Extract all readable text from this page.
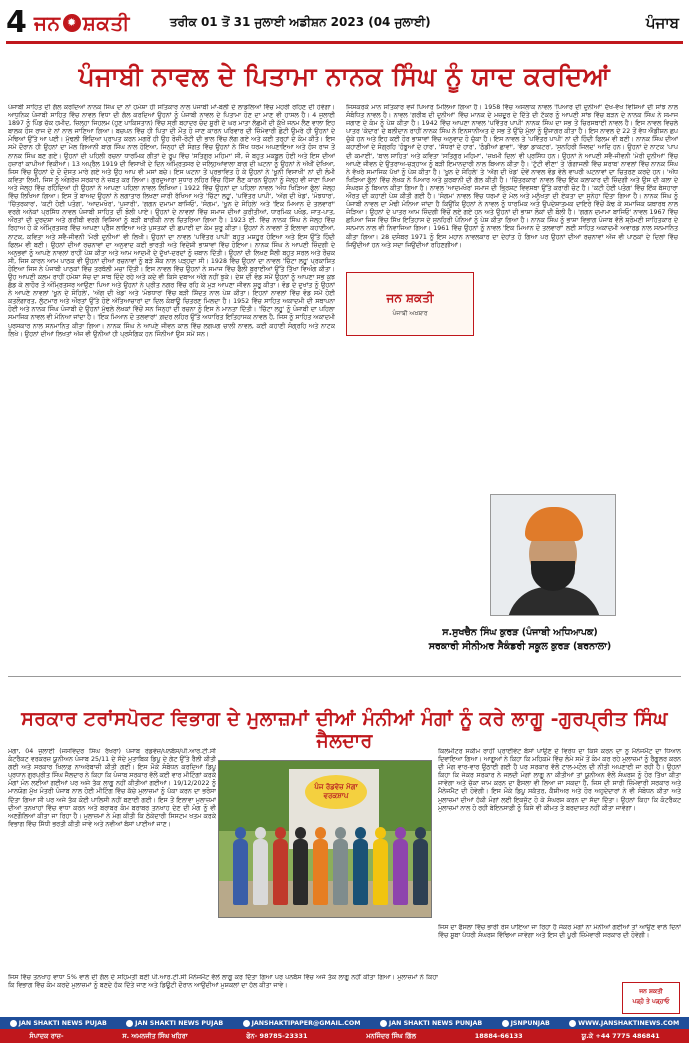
4 ਜਨ ✹ ਸ਼ਕਤੀ	ਤਰੀਕ 01 ਤੋਂ 31 ਜੁਲਾਈ ਅਡੀਸ਼ਨ 2023 (04 ਜੁਲਾਈ)	ਪੰਜਾਬ
ਪੰਜਾਬੀ ਨਾਵਲ ਦੇ ਪਿਤਾਮਾ ਨਾਨਕ ਸਿੰਘ ਨੂੰ ਯਾਦ ਕਰਦਿਆਂ
ਪੰਜਾਬੀ ਸਾਹਿਤ ਦੀ ਗੱਲ ਕਰਦਿਆਂ ਨਾਨਕ ਸਿੰਘ ਦਾ ਨਾਂ ਹਮੇਸ਼ਾ ਹੀ ਸਤਿਕਾਰ ਨਾਲ ਪੰਜਾਬੀ ਮਾਂ-ਬੋਲੀ ਦੇ ਲਾਡਲਿਆਂ ਵਿੱਚ ਮੋਹਰੀ ਰਹਿਣ ਦੀ ਹੋਵੇਗਾ। ਆਧੁਨਿਕ ਪੰਜਾਬੀ ਸਾਹਿਤ ਵਿੱਚ ਨਾਵਲ ਵਿਧਾ ਦੀ ਗੱਲ ਕਰਦਿਆਂ ਉਹਨਾਂ ਨੂੰ ਪੰਜਾਬੀ ਨਾਵਲ ਦੇ ਪਿਤਾਮਾ ਹੋਣ ਦਾ ਮਾਣ ਵੀ ਹਾਸਲ ਹੈ। 4 ਜੁਲਾਈ 1897 ਨੂੰ ਪਿੰਡ ਚੱਕ ਹਮੀਦ, ਜ਼ਿਲ੍ਹਾ ਜਿਹਲਮ (ਹੁਣ ਪਾਕਿਸਤਾਨ) ਵਿੱਚ ਸ੍ਰੀ ਬਹਾਦਰ ਚੰਦ ਸੂਰੀ ਦੇ ਘਰ ਮਾਤਾ ਲੱਛਮੀ ਦੀ ਕੁੱਖੋਂ ਜਨਮ ਲੈਣ ਵਾਲਾ ਇਹ ਬਾਲਕ ਹੰਸ ਰਾਜ ਦੇ ਨਾਂ ਨਾਲ ਜਾਣਿਆ ਗਿਆ। ਬਚਪਨ ਵਿੱਚ ਹੀ ਪਿਤਾ ਦੀ ਮੌਤ ਹੋ ਜਾਣ ਕਾਰਨ ਪਰਿਵਾਰ ਦੀ ਜ਼ਿੰਮੇਵਾਰੀ ਛੋਟੀ ਉਮਰੇ ਹੀ ਉਹਨਾਂ ਦੇ ਮੋਢਿਆਂ ਉੱਤੇ ਆ ਪਈ। ਮੁੱਢਲੀ ਵਿੱਦਿਆ ਪ੍ਰਾਪਤ ਕਰਨ ਮਗਰੋਂ ਹੀ ਉਹ ਰੋਜ਼ੀ-ਰੋਟੀ ਦੀ ਭਾਲ ਵਿੱਚ ਲੱਗ ਗਏ ਅਤੇ ਕਈ ਤਰ੍ਹਾਂ ਦੇ ਕੰਮ ਕੀਤੇ। ਇਸ ਸਮੇਂ ਦੌਰਾਨ ਹੀ ਉਹਨਾਂ ਦਾ ਮੇਲ ਗਿਆਨੀ ਬਾਗ ਸਿੰਘ ਨਾਲ ਹੋਇਆ, ਜਿਨ੍ਹਾਂ ਦੀ ਸੰਗਤ ਵਿੱਚ ਉਹਨਾਂ ਨੇ ਸਿੱਖ ਧਰਮ ਅਪਣਾਇਆ ਅਤੇ ਹੰਸ ਰਾਜ ਤੋਂ ਨਾਨਕ ਸਿੰਘ ਬਣ ਗਏ। ਉਹਨਾਂ ਦੀ ਪਹਿਲੀ ਰਚਨਾ ਧਾਰਮਿਕ ਗੀਤਾਂ ਦੇ ਰੂਪ ਵਿੱਚ 'ਸਤਿਗੁਰ ਮਹਿਮਾ' ਸੀ, ਜੋ ਬਹੁਤ ਮਕਬੂਲ ਹੋਈ ਅਤੇ ਇਸ ਦੀਆਂ ਹਜ਼ਾਰਾਂ ਕਾਪੀਆਂ ਵਿਕੀਆਂ। 13 ਅਪ੍ਰੈਲ 1919 ਦੀ ਵਿਸਾਖੀ ਦੇ ਦਿਨ ਅੰਮ੍ਰਿਤਸਰ ਦੇ ਜਲ੍ਹਿਆਂਵਾਲਾ ਬਾਗ ਦੀ ਘਟਨਾ ਨੂੰ ਉਹਨਾਂ ਨੇ ਅੱਖੀਂ ਦੇਖਿਆ, ਜਿਸ ਵਿੱਚ ਉਹਨਾਂ ਦੇ ਦੋ ਦੋਸਤ ਮਾਰੇ ਗਏ ਅਤੇ ਉਹ ਆਪ ਵੀ ਮਸਾਂ ਬਚੇ। ਇਸ ਘਟਨਾ ਤੋਂ ਪ੍ਰਭਾਵਿਤ ਹੋ ਕੇ ਉਹਨਾਂ ਨੇ 'ਖੂਨੀ ਵਿਸਾਖੀ' ਨਾਂ ਦੀ ਲੰਮੀ ਕਵਿਤਾ ਲਿਖੀ, ਜਿਸ ਨੂੰ ਅੰਗਰੇਜ਼ ਸਰਕਾਰ ਨੇ ਜ਼ਬਤ ਕਰ ਲਿਆ। ਗੁਰਦੁਆਰਾ ਸੁਧਾਰ ਲਹਿਰ ਵਿੱਚ ਹਿੱਸਾ ਲੈਣ ਕਾਰਨ ਉਹਨਾਂ ਨੂੰ ਜੇਲ੍ਹ ਵੀ ਜਾਣਾ ਪਿਆ ਅਤੇ ਜੇਲ੍ਹ ਵਿੱਚ ਰਹਿੰਦਿਆਂ ਹੀ ਉਹਨਾਂ ਨੇ ਆਪਣਾ ਪਹਿਲਾ ਨਾਵਲ ਲਿਖਿਆ। 1922 ਵਿੱਚ ਉਹਨਾਂ ਦਾ ਪਹਿਲਾ ਨਾਵਲ 'ਅੱਧ ਖਿੜਿਆ ਫੁੱਲ' ਜੇਲ੍ਹ ਵਿੱਚ ਲਿਖਿਆ ਗਿਆ। ਇਸ ਤੋਂ ਬਾਅਦ ਉਹਨਾਂ ਨੇ ਲਗਾਤਾਰ ਲਿਖਣਾ ਜਾਰੀ ਰੱਖਿਆ ਅਤੇ 'ਚਿੱਟਾ ਲਹੂ', 'ਪਵਿੱਤਰ ਪਾਪੀ', 'ਅੱਗ ਦੀ ਖੇਡ', 'ਮੰਝਧਾਰ', 'ਚਿੱਤਰਕਾਰ', 'ਕਟੀ ਹੋਈ ਪਤੰਗ', 'ਆਦਮਖੋਰ', 'ਪੁਜਾਰੀ', 'ਗਗਨ ਦਮਾਮਾ ਬਾਜਿਓ', 'ਸੰਗਮ', 'ਖੂਨ ਦੇ ਸੋਹਿਲੇ' ਅਤੇ 'ਇਕ ਮਿਆਨ ਦੋ ਤਲਵਾਰਾਂ' ਵਰਗੇ ਅਨੇਕਾਂ ਪ੍ਰਸਿੱਧ ਨਾਵਲ ਪੰਜਾਬੀ ਸਾਹਿਤ ਦੀ ਝੋਲੀ ਪਾਏ। ਉਹਨਾਂ ਦੇ ਨਾਵਲਾਂ ਵਿੱਚ ਸਮਾਜ ਦੀਆਂ ਕੁਰੀਤੀਆਂ, ਧਾਰਮਿਕ ਪਖੰਡ, ਜਾਤ-ਪਾਤ, ਔਰਤਾਂ ਦੀ ਦੁਰਦਸ਼ਾ ਅਤੇ ਗਰੀਬੀ ਵਰਗੇ ਵਿਸ਼ਿਆਂ ਨੂੰ ਬੜੀ ਬਾਰੀਕੀ ਨਾਲ ਚਿਤਰਿਆ ਗਿਆ ਹੈ। 1923 ਈ. ਵਿੱਚ ਨਾਨਕ ਸਿੰਘ ਨੇ ਜੇਲ੍ਹ ਵਿੱਚ ਰਿਹਾਅ ਹੋ ਕੇ ਅੰਮ੍ਰਿਤਸਰ ਵਿੱਚ ਆਪਣਾ ਪ੍ਰੈੱਸ ਲਾਇਆ ਅਤੇ ਪੁਸਤਕਾਂ ਦੀ ਛਪਾਈ ਦਾ ਕੰਮ ਸ਼ੁਰੂ ਕੀਤਾ। ਉਹਨਾਂ ਨੇ ਨਾਵਲਾਂ ਤੋਂ ਇਲਾਵਾ ਕਹਾਣੀਆਂ, ਨਾਟਕ, ਕਵਿਤਾ ਅਤੇ ਸਵੈ-ਜੀਵਨੀ 'ਮੇਰੀ ਦੁਨੀਆਂ' ਵੀ ਲਿਖੀ। ਉਹਨਾਂ ਦਾ ਨਾਵਲ 'ਪਵਿੱਤਰ ਪਾਪੀ' ਬਹੁਤ ਮਸ਼ਹੂਰ ਹੋਇਆ ਅਤੇ ਇਸ ਉੱਤੇ ਹਿੰਦੀ ਫਿਲਮ ਵੀ ਬਣੀ। ਉਹਨਾਂ ਦੀਆਂ ਰਚਨਾਵਾਂ ਦਾ ਅਨੁਵਾਦ ਕਈ ਭਾਰਤੀ ਅਤੇ ਵਿਦੇਸ਼ੀ ਭਾਸ਼ਾਵਾਂ ਵਿੱਚ ਹੋਇਆ। ਨਾਨਕ ਸਿੰਘ ਨੇ ਆਪਣੀ ਜ਼ਿੰਦਗੀ ਦੇ ਅਨੁਭਵਾਂ ਨੂੰ ਆਪਣੇ ਨਾਵਲਾਂ ਰਾਹੀਂ ਪੇਸ਼ ਕੀਤਾ ਅਤੇ ਆਮ ਆਦਮੀ ਦੇ ਦੁੱਖਾਂ-ਦਰਦਾਂ ਨੂੰ ਜ਼ਬਾਨ ਦਿੱਤੀ। ਉਹਨਾਂ ਦੀ ਲਿਖਣ ਸ਼ੈਲੀ ਬਹੁਤ ਸਰਲ ਅਤੇ ਰੌਚਕ ਸੀ, ਜਿਸ ਕਾਰਨ ਆਮ ਪਾਠਕ ਵੀ ਉਹਨਾਂ ਦੀਆਂ ਰਚਨਾਵਾਂ ਨੂੰ ਬੜੇ ਸ਼ੌਕ ਨਾਲ ਪੜ੍ਹਦਾ ਸੀ। 1928 ਵਿੱਚ ਉਹਨਾਂ ਦਾ ਨਾਵਲ 'ਚਿੱਟਾ ਲਹੂ' ਪ੍ਰਕਾਸ਼ਿਤ ਹੋਇਆ ਜਿਸ ਨੇ ਪੰਜਾਬੀ ਪਾਠਕਾਂ ਵਿੱਚ ਤਰਥੱਲੀ ਮਚਾ ਦਿੱਤੀ। ਇਸ ਨਾਵਲ ਵਿੱਚ ਉਹਨਾਂ ਨੇ ਸਮਾਜ ਵਿੱਚ ਫੈਲੀ ਬੁਰਾਈਆਂ ਉੱਤੇ ਤਿੱਖਾ ਵਿਅੰਗ ਕੀਤਾ। ਉਹ ਆਪਣੀ ਕਲਮ ਰਾਹੀਂ ਹਮੇਸ਼ਾ ਸੱਚ ਦਾ ਸਾਥ ਦਿੰਦੇ ਰਹੇ ਅਤੇ ਕਦੇ ਵੀ ਕਿਸੇ ਦਬਾਅ ਅੱਗੇ ਨਹੀਂ ਝੁਕੇ। ਦੇਸ਼ ਦੀ ਵੰਡ ਸਮੇਂ ਉਹਨਾਂ ਨੂੰ ਆਪਣਾ ਸਭ ਕੁਝ ਛੱਡ ਕੇ ਲਾਹੌਰ ਤੋਂ ਅੰਮ੍ਰਿਤਸਰ ਆਉਣਾ ਪਿਆ ਅਤੇ ਉਹਨਾਂ ਨੇ ਪ੍ਰੀਤ ਨਗਰ ਵਿੱਚ ਰਹਿ ਕੇ ਮੁੜ ਆਪਣਾ ਜੀਵਨ ਸ਼ੁਰੂ ਕੀਤਾ। ਵੰਡ ਦੇ ਦੁਖਾਂਤ ਨੂੰ ਉਹਨਾਂ ਨੇ ਆਪਣੇ ਨਾਵਲਾਂ 'ਖੂਨ ਦੇ ਸੋਹਿਲੇ', 'ਅੱਗ ਦੀ ਖੇਡ' ਅਤੇ 'ਮੰਝਧਾਰ' ਵਿੱਚ ਬੜੀ ਸ਼ਿੱਦਤ ਨਾਲ ਪੇਸ਼ ਕੀਤਾ। ਇਹਨਾਂ ਨਾਵਲਾਂ ਵਿੱਚ ਵੰਡ ਸਮੇਂ ਹੋਈ ਕਤਲੋਗਾਰਤ, ਲੁੱਟਮਾਰ ਅਤੇ ਔਰਤਾਂ ਉੱਤੇ ਹੋਏ ਅੱਤਿਆਚਾਰਾਂ ਦਾ ਦਿਲ ਕੰਬਾਊ ਚਿਤਰਣ ਮਿਲਦਾ ਹੈ। 1952 ਵਿੱਚ ਸਾਹਿਤ ਅਕਾਦਮੀ ਦੀ ਸਥਾਪਨਾ ਹੋਈ ਅਤੇ ਨਾਨਕ ਸਿੰਘ ਪੰਜਾਬੀ ਦੇ ਉਹਨਾਂ ਮੁੱਢਲੇ ਲੇਖਕਾਂ ਵਿੱਚੋਂ ਸਨ ਜਿਨ੍ਹਾਂ ਦੀ ਰਚਨਾ ਨੂੰ ਇਸ ਨੇ ਮਾਨਤਾ ਦਿੱਤੀ। 'ਚਿੱਟਾ ਲਹੂ' ਨੂੰ ਪੰਜਾਬੀ ਦਾ ਪਹਿਲਾ ਸਮਾਜਿਕ ਨਾਵਲ ਵੀ ਮੰਨਿਆ ਜਾਂਦਾ ਹੈ। 'ਇਕ ਮਿਆਨ ਦੋ ਤਲਵਾਰਾਂ' ਗ਼ਦਰ ਲਹਿਰ ਉੱਤੇ ਅਧਾਰਿਤ ਇਤਿਹਾਸਕ ਨਾਵਲ ਹੈ, ਜਿਸ ਨੂੰ ਸਾਹਿਤ ਅਕਾਦਮੀ ਪੁਰਸਕਾਰ ਨਾਲ ਸਨਮਾਨਿਤ ਕੀਤਾ ਗਿਆ। ਨਾਨਕ ਸਿੰਘ ਨੇ ਆਪਣੇ ਜੀਵਨ ਕਾਲ ਵਿੱਚ ਲਗਪਗ ਚਾਲੀ ਨਾਵਲ, ਕਈ ਕਹਾਣੀ ਸੰਗ੍ਰਹਿ ਅਤੇ ਨਾਟਕ ਲਿਖੇ। ਉਹਨਾਂ ਦੀਆਂ ਲਿਖਤਾਂ ਅੱਜ ਵੀ ਉਨੀਆਂ ਹੀ ਪ੍ਰਸੰਗਿਕ ਹਨ ਜਿੰਨੀਆਂ ਉਸ ਸਮੇਂ ਸਨ।
ਜਿਸਕਰਕੇ ਮਾਨ ਸਤਿਕਾਰ ਵਜੋਂ ਪਿਆਰ ਮਿਲਿਆ ਗਿਆ ਹੈ। 1958 ਵਿੱਚ ਅਸਲਾਕ ਨਾਵਲ 'ਪਿਆਰ ਦੀ ਦੁਨੀਆਂ' ਦੱਖ-ਵੱਖ ਵਿਸ਼ਿਆਂ ਦੀ ਸਾਂਝ ਨਾਲ ਸੰਬੰਧਿਤ ਨਾਵਲ ਹੈ। ਨਾਵਲ 'ਗਰੀਬ ਦੀ ਦੁਨੀਆਂ' ਵਿੱਚ ਮਾਨਕ ਦੇ ਮਜ਼ਦੂਰ ਦੇ ਦਿੱਤੇ ਦੀ ਟੱਕਰ ਨੂੰ ਆਪਣੀ ਸਾਂਝ ਵਿੱਚ ਬੜਨ ਦੇ ਨਾਨਕ ਸਿੰਘ ਨੇ ਸਮਾਜ ਜਗਾਣ ਦੇ ਕੰਮ ਨੂੰ ਪੇਸ਼ ਕੀਤਾ ਹੈ। 1942 ਵਿੱਚ ਆਪਣਾ ਨਾਵਲ 'ਪਵਿੱਤਰ ਪਾਪੀ' ਨਾਨਕ ਸਿੰਘ ਦਾ ਸਭ ਤੋਂ ਚਿਰਸਥਾਈ ਨਾਵਲ ਹੈ। ਇਸ ਨਾਵਲ ਵਿਚਲੇ ਪਾਤਰ 'ਕੇਦਾਰ' ਦੇ ਬਲੀਦਾਨ ਰਾਹੀਂ ਨਾਨਕ ਸਿੰਘ ਨੇ ਇਨਸਾਨੀਅਤ ਦੇ ਸਭ ਤੋਂ ਉੱਚੇ ਮੁੱਲਾਂ ਨੂੰ ਉਜਾਗਰ ਕੀਤਾ ਹੈ। ਇਸ ਨਾਵਲ ਦੇ 22 ਤੋਂ ਵੱਧ ਐਡੀਸ਼ਨ ਛਪ ਚੁੱਕੇ ਹਨ ਅਤੇ ਇਹ ਕਈ ਹੋਰ ਭਾਸ਼ਾਵਾਂ ਵਿੱਚ ਅਨੁਵਾਦ ਹੋ ਚੁੱਕਾ ਹੈ। ਇਸ ਨਾਵਲ ਤੇ 'ਪਵਿੱਤਰ ਪਾਪੀ' ਨਾਂ ਦੀ ਹਿੰਦੀ ਫਿਲਮ ਵੀ ਬਣੀ। ਨਾਨਕ ਸਿੰਘ ਦੀਆਂ ਕਹਾਣੀਆਂ ਦੇ ਸੰਗ੍ਰਹਿ 'ਹੰਝੂਆਂ ਦੇ ਹਾਰ', 'ਸੱਧਰਾਂ ਦੇ ਹਾਰ', 'ਠੰਡੀਆਂ ਛਾਵਾਂ', 'ਵੱਡਾ ਡਾਕਟਰ', 'ਸੁਨਹਿਰੀ ਜਿਲਦ' ਆਦਿ ਹਨ। ਉਹਨਾਂ ਦੇ ਨਾਟਕ 'ਪਾਪ ਦੀ ਕਮਾਈ', 'ਬਾਲ ਸਾਹਿਤ' ਅਤੇ ਕਵਿਤਾ 'ਸਤਿਗੁਰ ਮਹਿਮਾ', 'ਜ਼ਖ਼ਮੀ ਦਿਲ' ਵੀ ਪ੍ਰਸਿੱਧ ਹਨ। ਉਹਨਾਂ ਨੇ ਆਪਣੀ ਸਵੈ-ਜੀਵਨੀ 'ਮੇਰੀ ਦੁਨੀਆਂ' ਵਿੱਚ ਆਪਣੇ ਜੀਵਨ ਦੇ ਉਤਰਾਅ-ਚੜ੍ਹਾਅ ਨੂੰ ਬੜੀ ਇਮਾਨਦਾਰੀ ਨਾਲ ਬਿਆਨ ਕੀਤਾ ਹੈ। 'ਟੁੱਟੀ ਵੀਣਾ' ਤੇ 'ਗੰਗਾਜਲੀ ਵਿੱਚ ਸ਼ਰਾਬ' ਨਾਵਲਾਂ ਵਿੱਚ ਨਾਨਕ ਸਿੰਘ ਨੇ ਵੱਖਰੇ ਸਮਾਜਿਕ ਪੱਖਾਂ ਨੂੰ ਪੇਸ਼ ਕੀਤਾ ਹੈ। 'ਖੂਨ ਦੇ ਸੋਹਿਲੇ' ਤੇ 'ਅੱਗ ਦੀ ਖੇਡ' ਦੋਵੇਂ ਨਾਵਲ ਵੰਡ ਵੇਲੇ ਵਾਪਰੀ ਘਟਨਾਵਾਂ ਦਾ ਚਿਤਰਣ ਕਰਦੇ ਹਨ। 'ਅੱਧ ਖਿੜਿਆ ਫੁੱਲ' ਵਿੱਚ ਲੇਖਕ ਨੇ ਪਿਆਰ ਅਤੇ ਕੁਰਬਾਨੀ ਦੀ ਗੱਲ ਕੀਤੀ ਹੈ। 'ਚਿੱਤਰਕਾਰ' ਨਾਵਲ ਵਿੱਚ ਇੱਕ ਕਲਾਕਾਰ ਦੀ ਜ਼ਿੰਦਗੀ ਅਤੇ ਉਸ ਦੀ ਕਲਾ ਦੇ ਸੰਘਰਸ਼ ਨੂੰ ਬਿਆਨ ਕੀਤਾ ਗਿਆ ਹੈ। ਨਾਵਲ 'ਆਦਮਖੋਰ' ਸਮਾਜ ਦੀ ਭ੍ਰਿਸ਼ਟ ਵਿਵਸਥਾ ਉੱਤੇ ਕਰਾਰੀ ਚੋਟ ਹੈ। 'ਕਟੀ ਹੋਈ ਪਤੰਗ' ਵਿੱਚ ਇੱਕ ਬੇਸਹਾਰਾ ਔਰਤ ਦੀ ਕਹਾਣੀ ਪੇਸ਼ ਕੀਤੀ ਗਈ ਹੈ। 'ਸੰਗਮ' ਨਾਵਲ ਵਿੱਚ ਧਰਮਾਂ ਦੇ ਮੇਲ ਅਤੇ ਮਨੁੱਖਤਾ ਦੀ ਏਕਤਾ ਦਾ ਸੁਨੇਹਾ ਦਿੱਤਾ ਗਿਆ ਹੈ। ਨਾਨਕ ਸਿੰਘ ਨੂੰ ਪੰਜਾਬੀ ਨਾਵਲ ਦਾ ਮੋਢੀ ਮੰਨਿਆ ਜਾਂਦਾ ਹੈ ਕਿਉਂਕਿ ਉਹਨਾਂ ਨੇ ਨਾਵਲ ਨੂੰ ਧਾਰਮਿਕ ਅਤੇ ਉਪਦੇਸ਼ਾਤਮਕ ਦਾਇਰੇ ਵਿੱਚੋਂ ਕੱਢ ਕੇ ਸਮਾਜਿਕ ਯਥਾਰਥ ਨਾਲ ਜੋੜਿਆ। ਉਹਨਾਂ ਦੇ ਪਾਤਰ ਆਮ ਜ਼ਿੰਦਗੀ ਵਿੱਚੋਂ ਲਏ ਗਏ ਹਨ ਅਤੇ ਉਹਨਾਂ ਦੀ ਭਾਸ਼ਾ ਲੋਕਾਂ ਦੀ ਬੋਲੀ ਹੈ। 'ਗਗਨ ਦਮਾਮਾ ਬਾਜਿਓ' ਨਾਵਲ 1967 ਵਿੱਚ ਛਪਿਆ ਜਿਸ ਵਿੱਚ ਸਿੱਖ ਇਤਿਹਾਸ ਦੇ ਸੁਨਹਿਰੀ ਪੰਨਿਆਂ ਨੂੰ ਪੇਸ਼ ਕੀਤਾ ਗਿਆ ਹੈ। ਨਾਨਕ ਸਿੰਘ ਨੂੰ ਭਾਸ਼ਾ ਵਿਭਾਗ ਪੰਜਾਬ ਵੱਲੋਂ ਸ਼੍ਰੋਮਣੀ ਸਾਹਿਤਕਾਰ ਦੇ ਸਨਮਾਨ ਨਾਲ ਵੀ ਨਿਵਾਜਿਆ ਗਿਆ। 1961 ਵਿੱਚ ਉਹਨਾਂ ਨੂੰ ਨਾਵਲ 'ਇਕ ਮਿਆਨ ਦੋ ਤਲਵਾਰਾਂ' ਲਈ ਸਾਹਿਤ ਅਕਾਦਮੀ ਅਵਾਰਡ ਨਾਲ ਸਨਮਾਨਿਤ ਕੀਤਾ ਗਿਆ। 28 ਦਸੰਬਰ 1971 ਨੂੰ ਇਸ ਮਹਾਨ ਨਾਵਲਕਾਰ ਦਾ ਦੇਹਾਂਤ ਹੋ ਗਿਆ ਪਰ ਉਹਨਾਂ ਦੀਆਂ ਰਚਨਾਵਾਂ ਅੱਜ ਵੀ ਪਾਠਕਾਂ ਦੇ ਦਿਲਾਂ ਵਿੱਚ ਜਿਉਂਦੀਆਂ ਹਨ ਅਤੇ ਸਦਾ ਜਿਉਂਦੀਆਂ ਰਹਿਣਗੀਆਂ।
ਜਨ ਸ਼ਕਤੀ
ਪੰਜਾਬੀ ਅਖ਼ਬਾਰ
ਸ.ਸੁਖਚੈਨ ਸਿੰਘ ਕੁਰੜ (ਪੰਜਾਬੀ ਅਧਿਆਪਕ)
ਸਰਕਾਰੀ ਸੀਨੀਅਰ ਸੈਕੰਡਰੀ ਸਕੂਲ ਕੁਰੜ (ਬਰਨਾਲਾ)
ਸਰਕਾਰ ਟਰਾਂਸਪੋਰਟ ਵਿਭਾਗ ਦੇ ਮੁਲਾਜ਼ਮਾਂ ਦੀਆਂ ਮੰਨੀਆਂ ਮੰਗਾਂ ਨੂੰ ਕਰੇ ਲਾਗੂ -ਗੁਰਪ੍ਰੀਤ ਸਿੰਘ ਜੈਲਦਾਰ
ਮੋਗਾ, 04 ਜੁਲਾਈ (ਜਸਵਿੰਦਰ ਸਿੰਘ ਰੱਖਰਾ) ਪੰਜਾਬ ਰੋਡਵੇਜ਼/ਪਨਬੱਸ/ਪੀ.ਆਰ.ਟੀ.ਸੀ ਕੰਟਰੈਕਟ ਵਰਕਰਜ਼ ਯੂਨੀਅਨ ਪੰਜਾਬ 25/11 ਦੇ ਸੱਦੇ ਮੁਤਾਬਿਕ ਡਿਪੂ ਦੇ ਗੇਟ ਉੱਤੇ ਰੈਲੀ ਕੀਤੀ ਗਈ ਅਤੇ ਸਰਕਾਰ ਖਿਲਾਫ਼ ਨਾਅਰੇਬਾਜ਼ੀ ਕੀਤੀ ਗਈ। ਇਸ ਮੌਕੇ ਸੰਬੋਧਨ ਕਰਦਿਆਂ ਡਿਪੂ ਪ੍ਰਧਾਨ ਗੁਰਪ੍ਰੀਤ ਸਿੰਘ ਜੈਲਦਾਰ ਨੇ ਕਿਹਾ ਕਿ ਪੰਜਾਬ ਸਰਕਾਰ ਵੱਲੋਂ ਕਈ ਵਾਰ ਮੀਟਿੰਗਾਂ ਕਰਕੇ ਮੰਗਾਂ ਮੰਨ ਲਈਆਂ ਗਈਆਂ ਪਰ ਅਜੇ ਤੱਕ ਲਾਗੂ ਨਹੀਂ ਕੀਤੀਆਂ ਗਈਆਂ। 19/12/2022 ਨੂੰ ਮਾਨਯੋਗ ਮੁੱਖ ਮੰਤਰੀ ਪੰਜਾਬ ਨਾਲ ਹੋਈ ਮੀਟਿੰਗ ਵਿੱਚ ਕੱਚੇ ਮੁਲਾਜ਼ਮਾਂ ਨੂੰ ਪੱਕਾ ਕਰਨ ਦਾ ਭਰੋਸਾ ਦਿੱਤਾ ਗਿਆ ਸੀ ਪਰ ਅਜੇ ਤੱਕ ਕੋਈ ਪਾਲਿਸੀ ਨਹੀਂ ਬਣਾਈ ਗਈ। ਇਸ ਤੋਂ ਇਲਾਵਾ ਮੁਲਾਜ਼ਮਾਂ ਦੀਆਂ ਤਨਖਾਹਾਂ ਵਿੱਚ ਵਾਧਾ ਕਰਨ ਅਤੇ ਬਰਾਬਰ ਕੰਮ ਬਰਾਬਰ ਤਨਖਾਹ ਦੇਣ ਦੀ ਮੰਗ ਨੂੰ ਵੀ ਅਣਗੌਲਿਆਂ ਕੀਤਾ ਜਾ ਰਿਹਾ ਹੈ। ਮੁਲਾਜ਼ਮਾਂ ਨੇ ਮੰਗ ਕੀਤੀ ਕਿ ਠੇਕੇਦਾਰੀ ਸਿਸਟਮ ਖਤਮ ਕਰਕੇ ਵਿਭਾਗ ਵਿੱਚ ਸਿੱਧੀ ਭਰਤੀ ਕੀਤੀ ਜਾਵੇ ਅਤੇ ਨਵੀਆਂ ਬੱਸਾਂ ਪਾਈਆਂ ਜਾਣ।
ਪੰਜ ਰੋਡਵੇਜ਼ ਮੋਗਾ
ਵਰਕਸ਼ਾਪ
ਕਿਲੋਮੀਟਰ ਸਕੀਮ ਰਾਹੀਂ ਪ੍ਰਾਈਵੇਟ ਬੱਸਾਂ ਪਾਉਣ ਦੇ ਵਿਰੋਧ ਦਾ ਕਿਸੇ ਕਰਨ ਦਾ ਨੂੰ ਮੈਨੇਜਮੈਂਟ ਦਾ ਧਿਆਨ ਦਿਵਾਇਆ ਗਿਆ। ਆਗੂਆਂ ਨੇ ਕਿਹਾ ਕਿ ਮਹਿਕਮੇ ਵਿੱਚ ਲੰਮੇ ਸਮੇਂ ਤੋਂ ਕੰਮ ਕਰ ਰਹੇ ਮੁਲਾਜ਼ਮਾਂ ਨੂੰ ਰੈਗੂਲਰ ਕਰਨ ਦੀ ਮੰਗ ਵਾਰ-ਵਾਰ ਉਠਾਈ ਗਈ ਹੈ ਪਰ ਸਰਕਾਰ ਵੱਲੋਂ ਟਾਲ-ਮਟੋਲ ਦੀ ਨੀਤੀ ਅਪਣਾਈ ਜਾ ਰਹੀ ਹੈ। ਉਹਨਾਂ ਕਿਹਾ ਕਿ ਜੇਕਰ ਸਰਕਾਰ ਨੇ ਜਲਦੀ ਮੰਗਾਂ ਲਾਗੂ ਨਾ ਕੀਤੀਆਂ ਤਾਂ ਯੂਨੀਅਨ ਵੱਲੋਂ ਸੰਘਰਸ਼ ਨੂੰ ਹੋਰ ਤਿੱਖਾ ਕੀਤਾ ਜਾਵੇਗਾ ਅਤੇ ਚੱਕਾ ਜਾਮ ਕਰਨ ਦਾ ਫੈਸਲਾ ਵੀ ਲਿਆ ਜਾ ਸਕਦਾ ਹੈ, ਜਿਸ ਦੀ ਸਾਰੀ ਜ਼ਿੰਮੇਵਾਰੀ ਸਰਕਾਰ ਅਤੇ ਮੈਨੇਜਮੈਂਟ ਦੀ ਹੋਵੇਗੀ। ਇਸ ਮੌਕੇ ਡਿਪੂ ਸਕੱਤਰ, ਕੈਸ਼ੀਅਰ ਅਤੇ ਹੋਰ ਅਹੁਦੇਦਾਰਾਂ ਨੇ ਵੀ ਸੰਬੋਧਨ ਕੀਤਾ ਅਤੇ ਮੁਲਾਜ਼ਮਾਂ ਦੀਆਂ ਹੱਕੀ ਮੰਗਾਂ ਲਈ ਇਕਜੁੱਟ ਹੋ ਕੇ ਸੰਘਰਸ਼ ਕਰਨ ਦਾ ਸੱਦਾ ਦਿੱਤਾ। ਉਹਨਾਂ ਕਿਹਾ ਕਿ ਕੰਟਰੈਕਟ ਮੁਲਾਜ਼ਮਾਂ ਨਾਲ ਹੋ ਰਹੀ ਬੇਇਨਸਾਫ਼ੀ ਨੂੰ ਕਿਸੇ ਵੀ ਕੀਮਤ ਤੇ ਬਰਦਾਸ਼ਤ ਨਹੀਂ ਕੀਤਾ ਜਾਵੇਗਾ।
ਜਿਸ ਦਾ ਫੈਸਲਾ ਵਿੱਚ ਭਾਰੀ ਰੋਸ ਪਾਇਆ ਜਾ ਰਿਹਾ ਹੈ ਜੇਕਰ ਮੰਗਾਂ ਨਾ ਮੰਨੀਆਂ ਗਈਆਂ ਤਾਂ ਆਉਣ ਵਾਲੇ ਦਿਨਾਂ ਵਿੱਚ ਸੂਬਾ ਪੱਧਰੀ ਸੰਘਰਸ਼ ਵਿੱਢਿਆ ਜਾਵੇਗਾ ਅਤੇ ਇਸ ਦੀ ਪੂਰੀ ਜ਼ਿੰਮੇਵਾਰੀ ਸਰਕਾਰ ਦੀ ਹੋਵੇਗੀ।
ਜਿਸ ਵਿੱਚ ਤਨਖਾਹ ਵਾਧਾ 5% ਵਾਲੇ ਦੀ ਗੱਲ ਦੇ ਸਹਿਮਤੀ ਬਣੀ ਪੀ.ਆਰ.ਟੀ.ਸੀ ਮੈਨੇਜਮੈਂਟ ਵੱਲੋਂ ਲਾਗੂ ਕਰ ਦਿੱਤਾ ਗਿਆ ਪਰ ਪਨਬੱਸ ਵਿੱਚ ਅਜੇ ਤੱਕ ਲਾਗੂ ਨਹੀਂ ਕੀਤਾ ਗਿਆ। ਮੁਲਾਜ਼ਮਾਂ ਨੇ ਕਿਹਾ ਕਿ ਵਿਭਾਗ ਵਿੱਚ ਕੰਮ ਕਰਦੇ ਮੁਲਾਜ਼ਮਾਂ ਨੂੰ ਬਣਦੇ ਹੱਕ ਦਿੱਤੇ ਜਾਣ ਅਤੇ ਡਿਊਟੀ ਦੌਰਾਨ ਆਉਂਦੀਆਂ ਮੁਸ਼ਕਲਾਂ ਦਾ ਹੱਲ ਕੀਤਾ ਜਾਵੇ।
ਜਨ ਸ਼ਕਤੀ
ਪੜ੍ਹੋ ਤੇ ਪੜ੍ਹਾਓ
JAN SHAKTI NEWS PUJAB	JAN SHAKTI NEWS PUJAB	JANSHAKTIPAPER@GMAIL.COM	JAN SHAKTI NEWS PUNJAB	JSNPUNJAB	WWW.JANSHAKTINEWS.COM
ਸੰਪਾਦਕ ਰਾਜ਼-	ਸ. ਅਮਨਜੀਤ ਸਿੰਘ ਖਹਿਰਾ	ਫੋਨ- 98785-23331	ਮਨਜਿੰਦਰ ਸਿੰਘ ਗਿੱਲ	18884-66133	ਯੂ.ਕੇ +44 7775 486841
